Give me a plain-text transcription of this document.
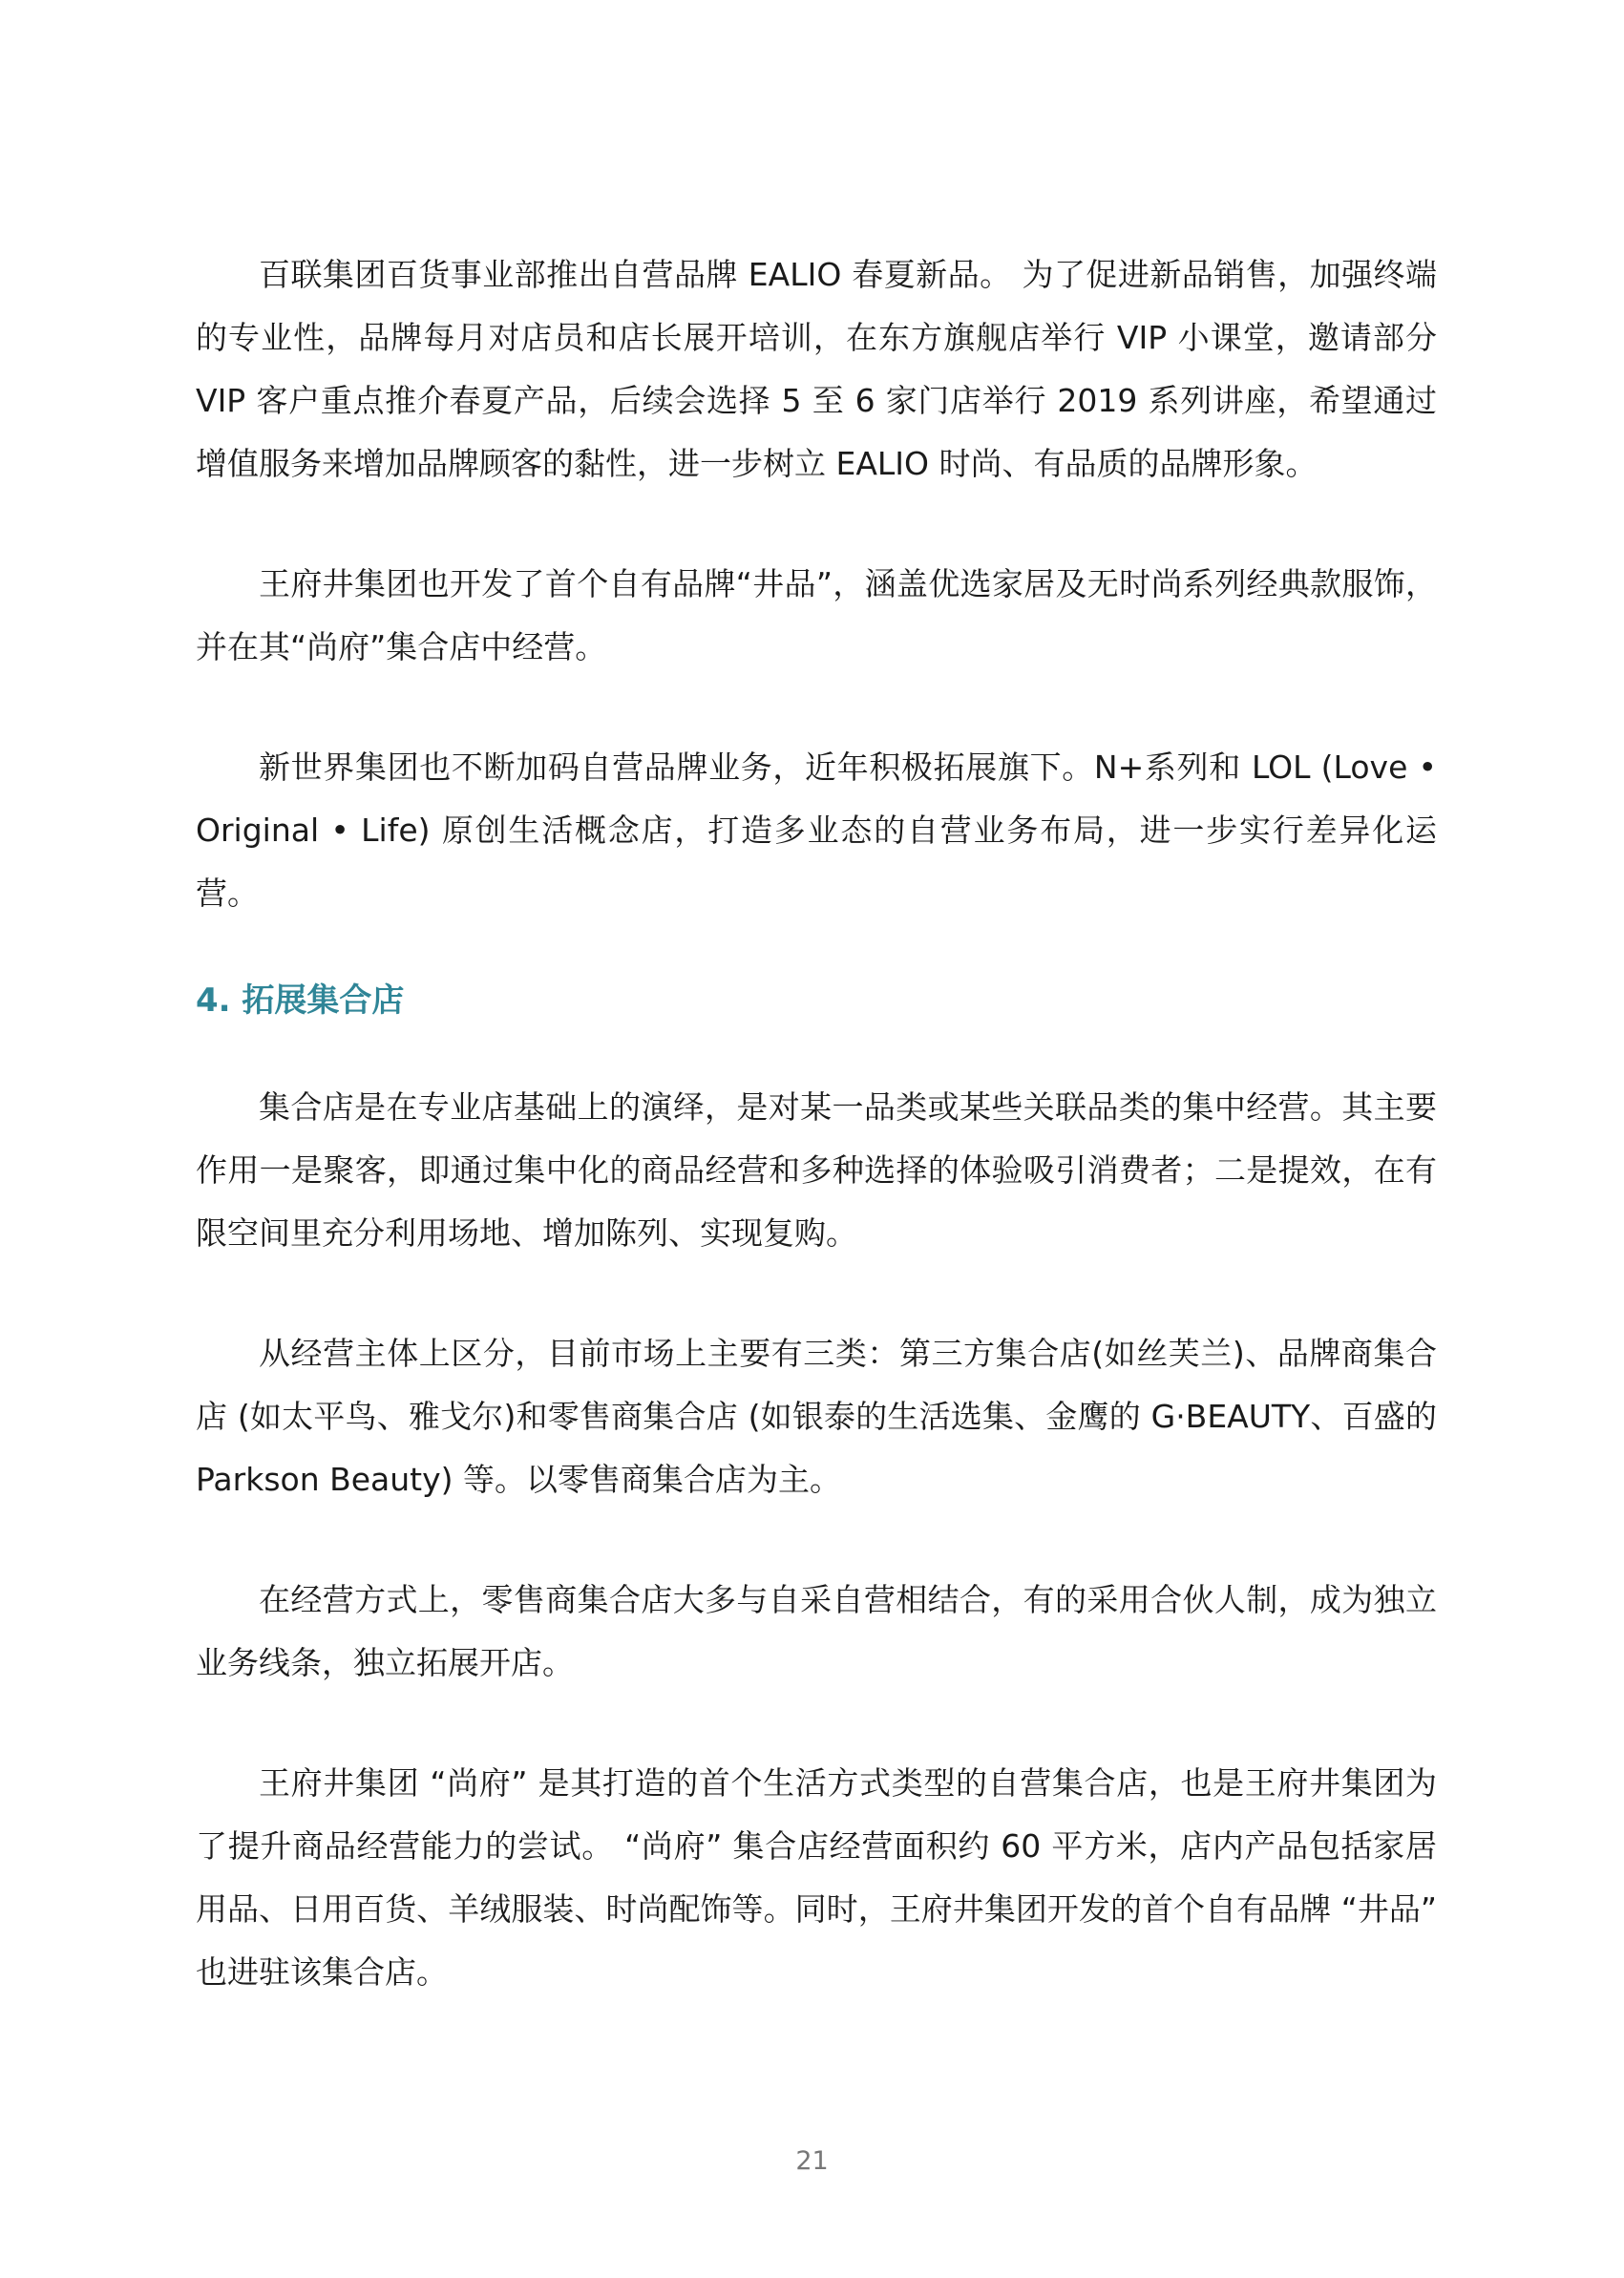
百联集团百货事业部推出自营品牌 EALIO 春夏新品。 为了促进新品销售，加强终端的专业性，品牌每月对店员和店长展开培训，在东方旗舰店举行 VIP 小课堂，邀请部分 VIP 客户重点推介春夏产品，后续会选择 5 至 6 家门店举行 2019 系列讲座，希望通过增值服务来增加品牌顾客的黏性，进一步树立 EALIO 时尚、有品质的品牌形象。

王府井集团也开发了首个自有品牌“井品”，涵盖优选家居及无时尚系列经典款服饰，并在其“尚府”集合店中经营。

新世界集团也不断加码自营品牌业务，近年积极拓展旗下。N+系列和 LOL (Love • Original • Life) 原创生活概念店，打造多业态的自营业务布局，进一步实行差异化运营。

4. 拓展集合店

集合店是在专业店基础上的演绎，是对某一品类或某些关联品类的集中经营。其主要作用一是聚客，即通过集中化的商品经营和多种选择的体验吸引消费者；二是提效，在有限空间里充分利用场地、增加陈列、实现复购。

从经营主体上区分，目前市场上主要有三类：第三方集合店(如丝芙兰)、品牌商集合店 (如太平鸟、雅戈尔)和零售商集合店 (如银泰的生活选集、金鹰的 G·BEAUTY、百盛的 Parkson Beauty) 等。以零售商集合店为主。

在经营方式上，零售商集合店大多与自采自营相结合，有的采用合伙人制，成为独立业务线条，独立拓展开店。

王府井集团 “尚府” 是其打造的首个生活方式类型的自营集合店，也是王府井集团为了提升商品经营能力的尝试。 “尚府” 集合店经营面积约 60 平方米，店内产品包括家居用品、日用百货、羊绒服装、时尚配饰等。同时，王府井集团开发的首个自有品牌 “井品” 也进驻该集合店。

21
